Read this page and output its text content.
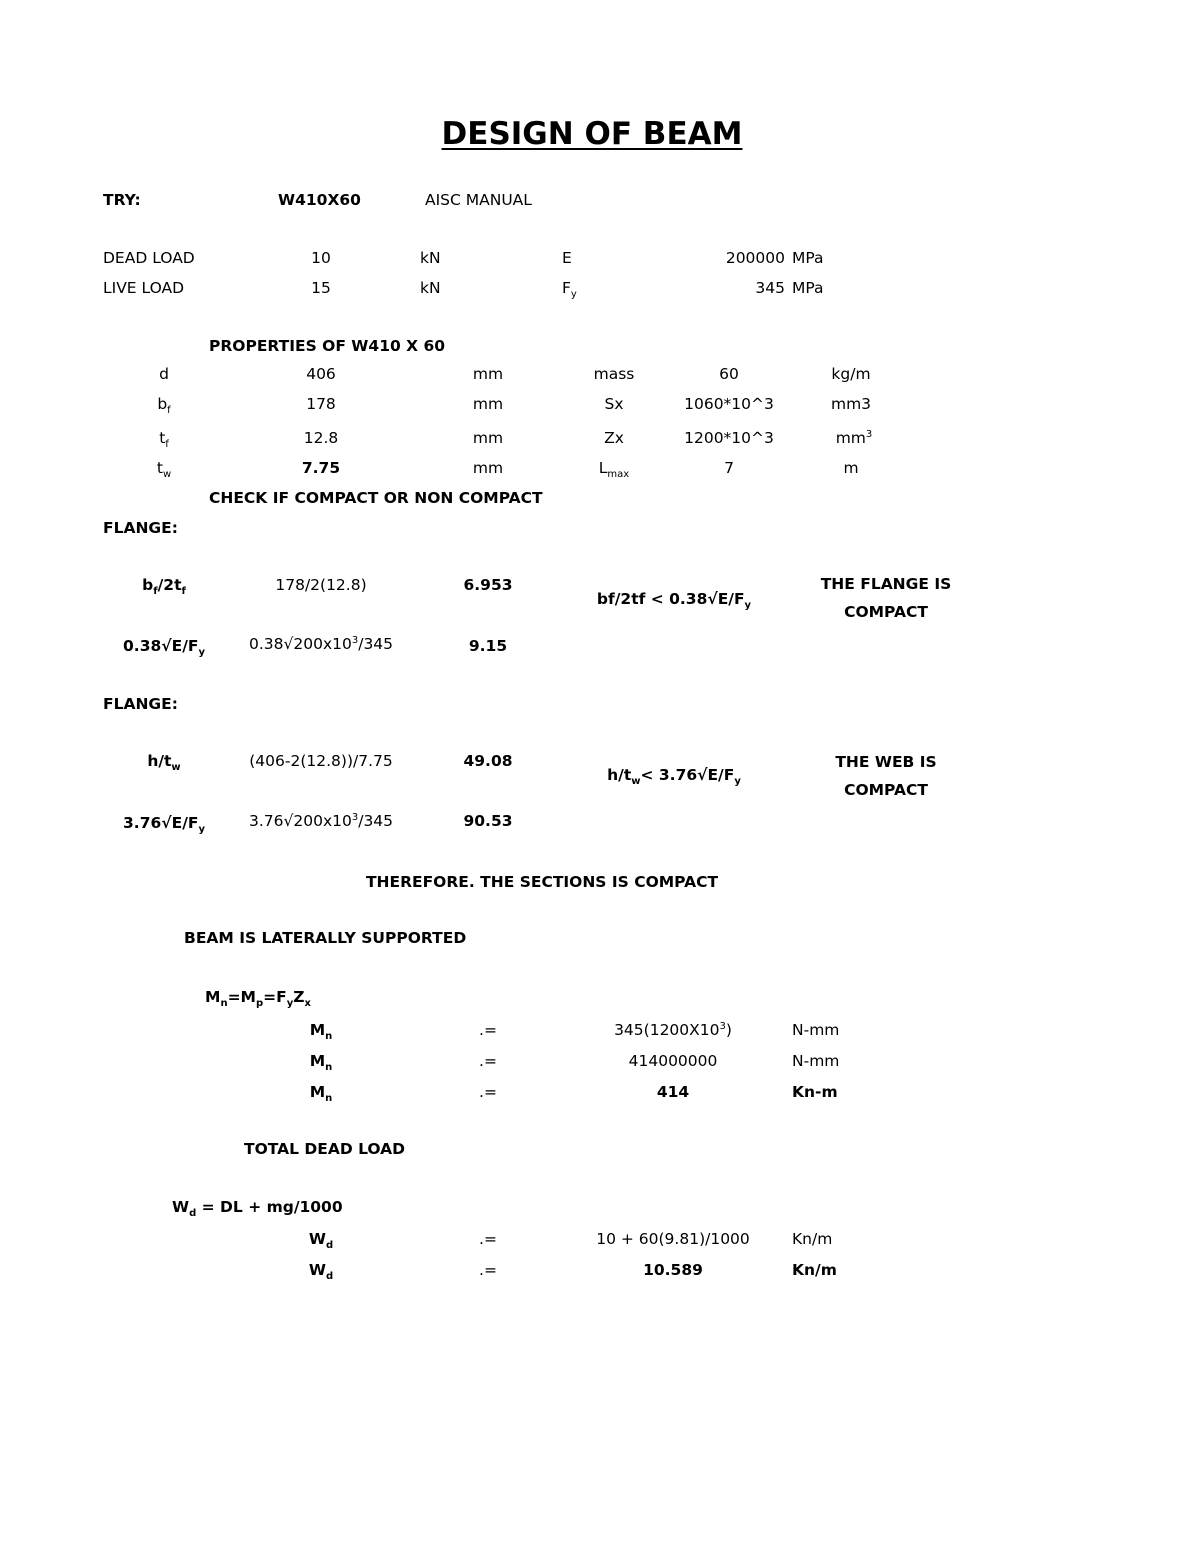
DESIGN OF BEAM
TRY:	W410X60	AISC MANUAL
DEAD LOAD	10	kN	E	200000 MPa
LIVE LOAD	15	kN	$F_y$	345 MPa
PROPERTIES OF W410 X 60
d	406	mm	mass	60	kg/m
$b_f$	178	mm	Sx	1060*10^3	mm3
$t_f$	12.8	mm	Zx	1200*10^3	$mm^3$
$t_w$	7.75	mm	$L_{max}$	7	m
CHECK IF COMPACT OR NON COMPACT
FLANGE:
$b_f/2t_f$	178/2(12.8)	6.953
$bf/2tf < 0.38√E/F_y$
THE FLANGE IS
COMPACT
$0.38√E/F_y$	$0.38√200x10^3/345$	9.15
FLANGE:
$h/t_w$	(406-2(12.8))/7.75	49.08
$h/t_w< 3.76√E/F_y$
THE WEB IS
COMPACT
$3.76√E/F_y$	$3.76√200x10^3/345$	90.53
THEREFORE. THE SECTIONS IS COMPACT
BEAM IS LATERALLY SUPPORTED
$M_n=M_p=F_yZ_x$
$M_n$	.=	$345(1200X10^3)$	N-mm
$M_n$	.=	414000000	N-mm
$M_n$	.=	414	Kn-m
TOTAL DEAD LOAD
$W_d$ = DL + mg/1000
$W_d$	.=	10 + 60(9.81)/1000	Kn/m
$W_d$	.=	10.589	Kn/m
